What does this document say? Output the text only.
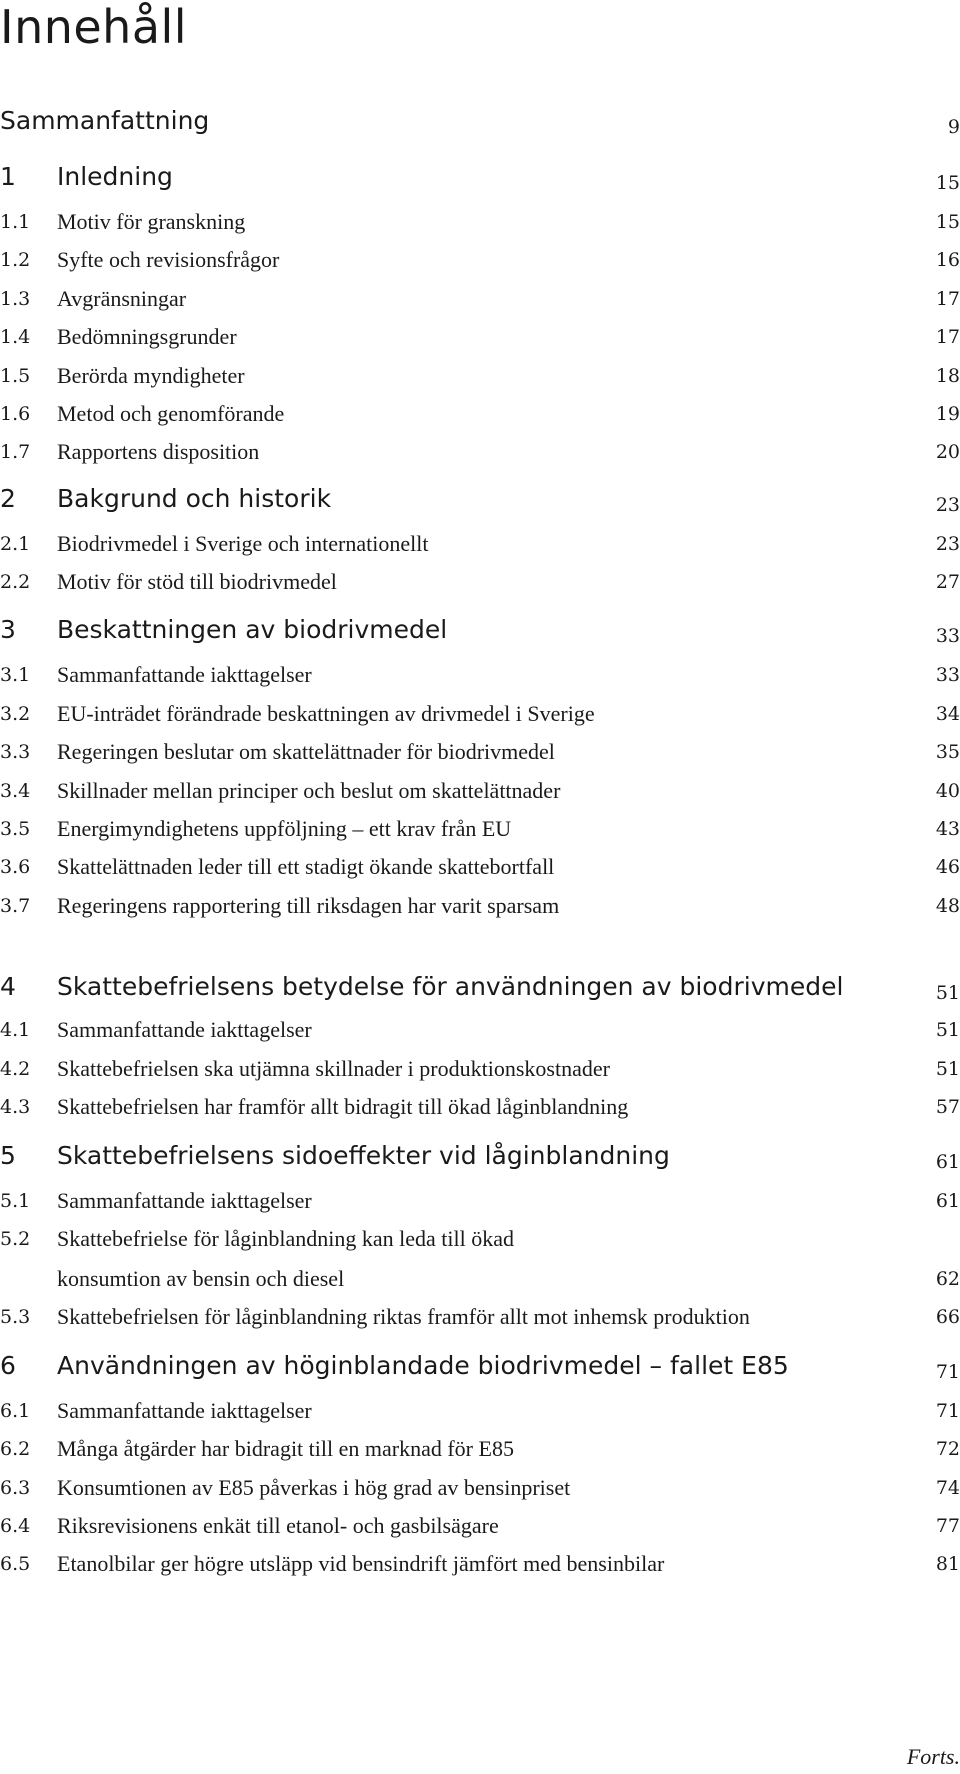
Innehåll
Sammanfattning	9
1 Inledning	15
1.1 Motiv för granskning	15
1.2 Syfte och revisionsfrågor	16
1.3 Avgränsningar	17
1.4 Bedömningsgrunder	17
1.5 Berörda myndigheter	18
1.6 Metod och genomförande	19
1.7 Rapportens disposition	20
2 Bakgrund och historik	23
2.1 Biodrivmedel i Sverige och internationellt	23
2.2 Motiv för stöd till biodrivmedel	27
3 Beskattningen av biodrivmedel	33
3.1 Sammanfattande iakttagelser	33
3.2 EU-inträdet förändrade beskattningen av drivmedel i Sverige	34
3.3 Regeringen beslutar om skattelättnader för biodrivmedel	35
3.4 Skillnader mellan principer och beslut om skattelättnader	40
3.5 Energimyndighetens uppföljning – ett krav från EU	43
3.6 Skattelättnaden leder till ett stadigt ökande skattebortfall	46
3.7 Regeringens rapportering till riksdagen har varit sparsam	48
4 Skattebefrielsens betydelse för användningen av biodrivmedel	51
4.1 Sammanfattande iakttagelser	51
4.2 Skattebefrielsen ska utjämna skillnader i produktionskostnader	51
4.3 Skattebefrielsen har framför allt bidragit till ökad låginblandning	57
5 Skattebefrielsens sidoeffekter vid låginblandning	61
5.1 Sammanfattande iakttagelser	61
5.2 Skattebefrielse för låginblandning kan leda till ökad
konsumtion av bensin och diesel	62
5.3 Skattebefrielsen för låginblandning riktas framför allt mot inhemsk produktion	66
6 Användningen av höginblandade biodrivmedel – fallet E85	71
6.1 Sammanfattande iakttagelser	71
6.2 Många åtgärder har bidragit till en marknad för E85	72
6.3 Konsumtionen av E85 påverkas i hög grad av bensinpriset	74
6.4 Riksrevisionens enkät till etanol- och gasbilsägare	77
6.5 Etanolbilar ger högre utsläpp vid bensindrift jämfört med bensinbilar	81
Forts.
